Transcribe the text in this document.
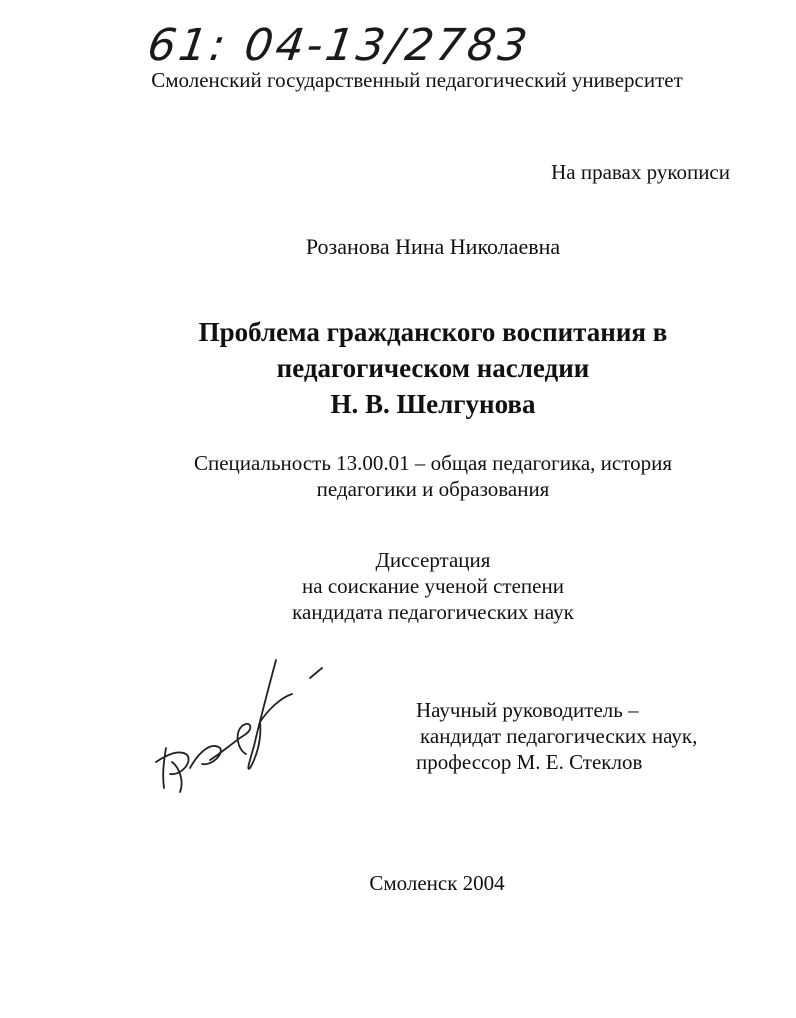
61: 04-13/2783
Смоленский государственный педагогический университет
На правах рукописи
Розанова Нина Николаевна
Проблема гражданского воспитания в
педагогическом наследии
Н. В. Шелгунова
Специальность 13.00.01 – общая педагогика, история
педагогики и образования
Диссертация
на соискание ученой степени
кандидата педагогических наук
Научный руководитель –
кандидат педагогических наук,
профессор М. Е. Стеклов
Смоленск 2004
